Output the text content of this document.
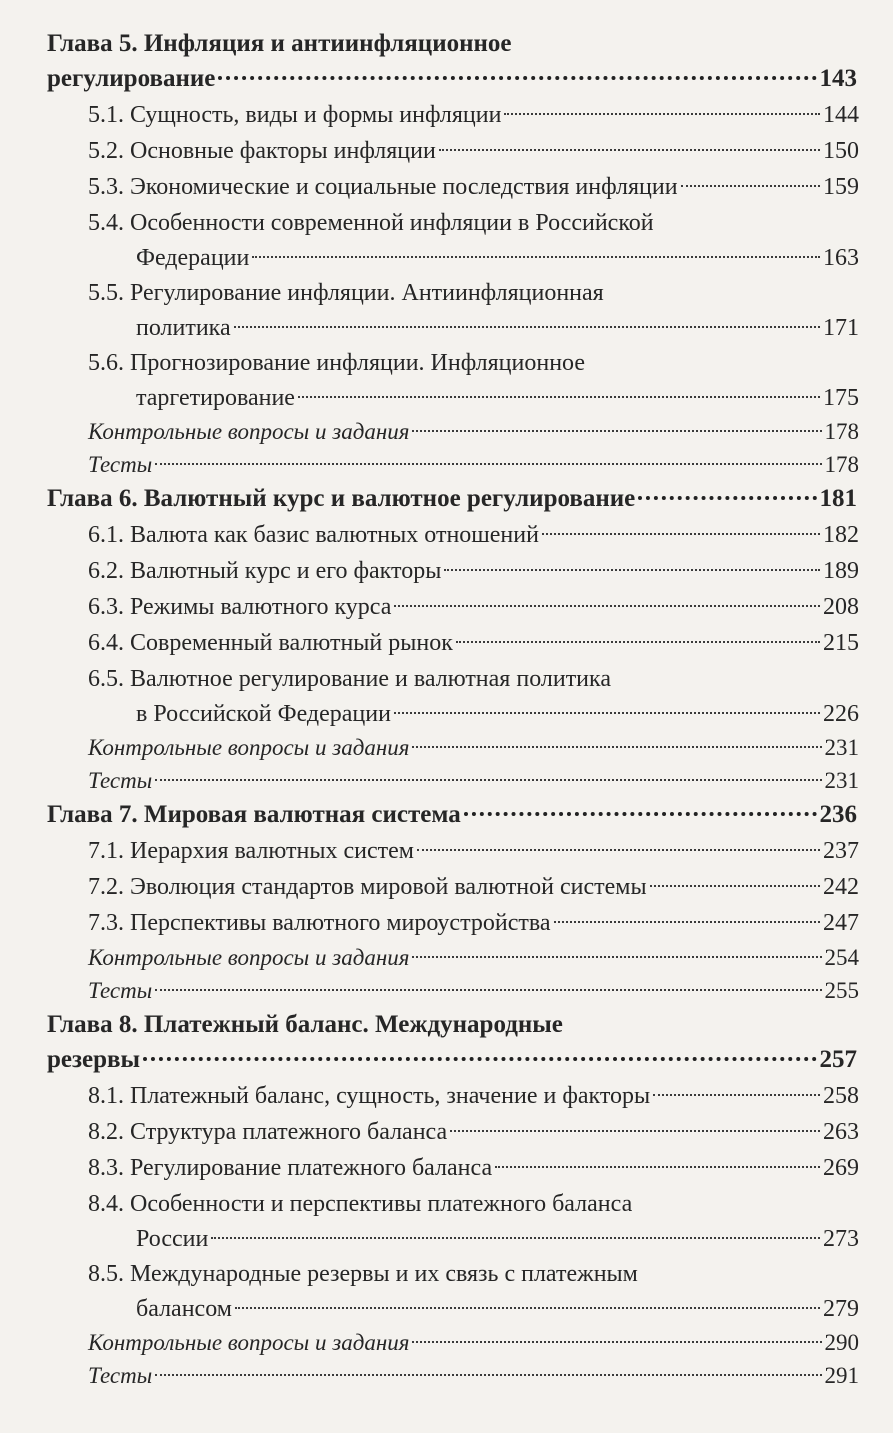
Глава 5. Инфляция и антиинфляционное
регулирование	143
5.1. Сущность, виды и формы инфляции	144
5.2. Основные факторы инфляции	150
5.3. Экономические и социальные последствия инфляции	159
5.4. Особенности современной инфляции в Российской
Федерации	163
5.5. Регулирование инфляции. Антиинфляционная
политика	171
5.6. Прогнозирование инфляции. Инфляционное
таргетирование	175
Контрольные вопросы и задания	178
Тесты	178
Глава 6. Валютный курс и валютное регулирование	181
6.1. Валюта как базис валютных отношений	182
6.2. Валютный курс и его факторы	189
6.3. Режимы валютного курса	208
6.4. Современный валютный рынок	215
6.5. Валютное регулирование и валютная политика
в Российской Федерации	226
Контрольные вопросы и задания	231
Тесты	231
Глава 7. Мировая валютная система	236
7.1. Иерархия валютных систем	237
7.2. Эволюция стандартов мировой валютной системы	242
7.3. Перспективы валютного мироустройства	247
Контрольные вопросы и задания	254
Тесты	255
Глава 8. Платежный баланс. Международные
резервы	257
8.1. Платежный баланс, сущность, значение и факторы	258
8.2. Структура платежного баланса	263
8.3. Регулирование платежного баланса	269
8.4. Особенности и перспективы платежного баланса
России	273
8.5. Международные резервы и их связь с платежным
балансом	279
Контрольные вопросы и задания	290
Тесты	291
